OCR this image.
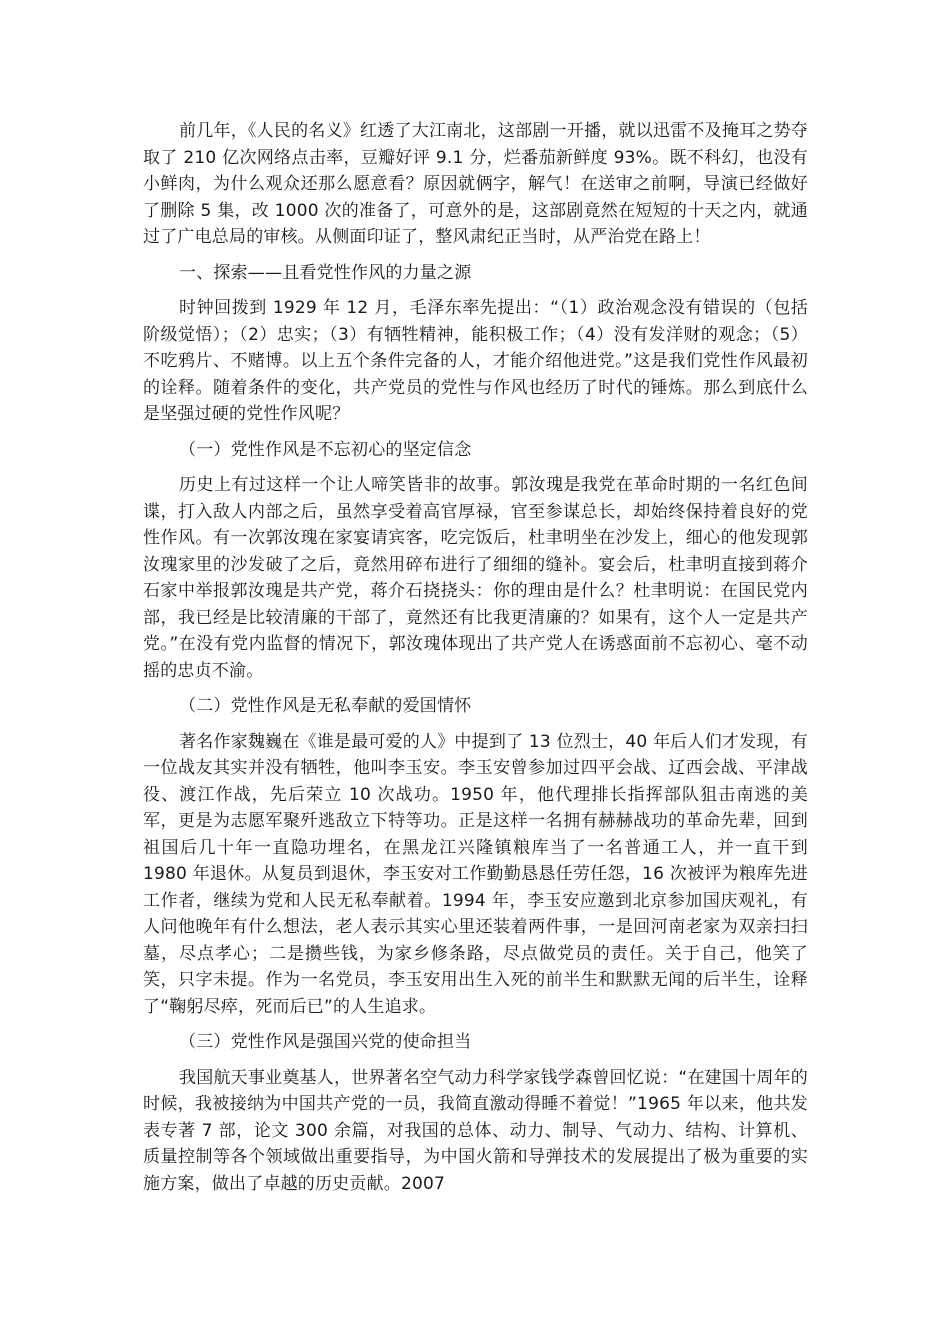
前几年，《人民的名义》红透了大江南北，这部剧一开播，就以迅雷不及掩耳之势夺取了 210 亿次网络点击率，豆瓣好评 9.1 分，烂番茄新鲜度 93%。既不科幻，也没有小鲜肉，为什么观众还那么愿意看？原因就俩字，解气！在送审之前啊，导演已经做好了删除 5 集，改 1000 次的准备了，可意外的是，这部剧竟然在短短的十天之内，就通过了广电总局的审核。从侧面印证了，整风肃纪正当时，从严治党在路上！

一、探索——且看党性作风的力量之源

时钟回拨到 1929 年 12 月，毛泽东率先提出：“（1）政治观念没有错误的（包括阶级觉悟）；（2）忠实；（3）有牺牲精神，能积极工作；（4）没有发洋财的观念；（5）不吃鸦片、不赌博。以上五个条件完备的人，才能介绍他进党。”这是我们党性作风最初的诠释。随着条件的变化，共产党员的党性与作风也经历了时代的锤炼。那么到底什么是坚强过硬的党性作风呢？

（一）党性作风是不忘初心的坚定信念

历史上有过这样一个让人啼笑皆非的故事。郭汝瑰是我党在革命时期的一名红色间谍，打入敌人内部之后，虽然享受着高官厚禄，官至参谋总长，却始终保持着良好的党性作风。有一次郭汝瑰在家宴请宾客，吃完饭后，杜聿明坐在沙发上，细心的他发现郭汝瑰家里的沙发破了之后，竟然用碎布进行了细细的缝补。宴会后，杜聿明直接到蒋介石家中举报郭汝瑰是共产党，蒋介石挠挠头：你的理由是什么？杜聿明说：在国民党内部，我已经是比较清廉的干部了，竟然还有比我更清廉的？如果有，这个人一定是共产党。”在没有党内监督的情况下，郭汝瑰体现出了共产党人在诱惑面前不忘初心、毫不动摇的忠贞不渝。

（二）党性作风是无私奉献的爱国情怀

著名作家魏巍在《谁是最可爱的人》中提到了 13 位烈士，40 年后人们才发现，有一位战友其实并没有牺牲，他叫李玉安。李玉安曾参加过四平会战、辽西会战、平津战役、渡江作战，先后荣立 10 次战功。1950 年，他代理排长指挥部队狙击南逃的美军，更是为志愿军聚歼逃敌立下特等功。正是这样一名拥有赫赫战功的革命先辈，回到祖国后几十年一直隐功埋名，在黑龙江兴隆镇粮库当了一名普通工人，并一直干到 1980 年退休。从复员到退休，李玉安对工作勤勤恳恳任劳任怨，16 次被评为粮库先进工作者，继续为党和人民无私奉献着。1994 年，李玉安应邀到北京参加国庆观礼，有人问他晚年有什么想法，老人表示其实心里还装着两件事，一是回河南老家为双亲扫扫墓，尽点孝心；二是攒些钱，为家乡修条路，尽点做党员的责任。关于自己，他笑了笑，只字未提。作为一名党员，李玉安用出生入死的前半生和默默无闻的后半生，诠释了“鞠躬尽瘁，死而后已”的人生追求。

（三）党性作风是强国兴党的使命担当

我国航天事业奠基人，世界著名空气动力科学家钱学森曾回忆说：“在建国十周年的时候，我被接纳为中国共产党的一员，我简直激动得睡不着觉！”1965 年以来，他共发表专著 7 部，论文 300 余篇，对我国的总体、动力、制导、气动力、结构、计算机、质量控制等各个领域做出重要指导，为中国火箭和导弹技术的发展提出了极为重要的实施方案，做出了卓越的历史贡献。2007
